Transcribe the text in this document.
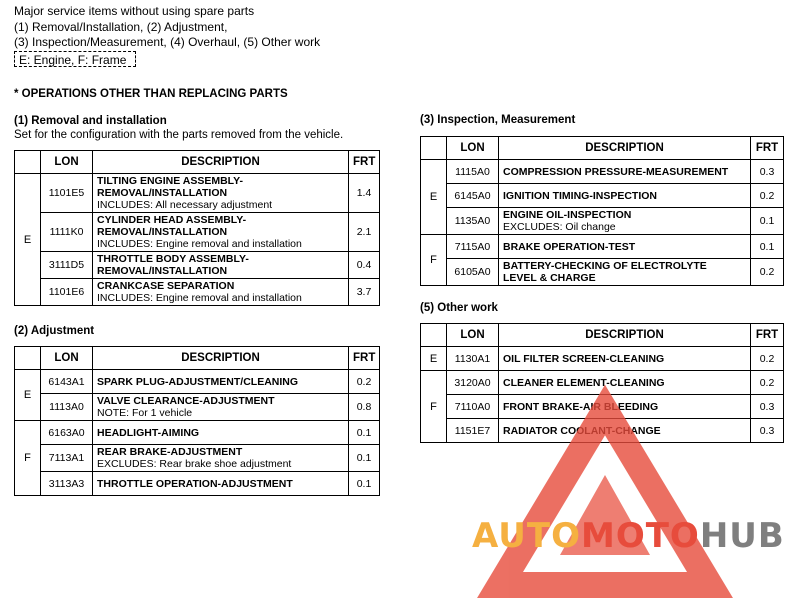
Major service items without using spare parts
(1) Removal/Installation, (2) Adjustment,
(3) Inspection/Measurement, (4) Overhaul, (5) Other work
E: Engine, F: Frame
* OPERATIONS OTHER THAN REPLACING PARTS
(1) Removal and installation
Set for the configuration with the parts removed from the vehicle.
	LON	DESCRIPTION	FRT
E	1101E5	TILTING ENGINE ASSEMBLY-
REMOVAL/INSTALLATION
INCLUDES: All necessary adjustment	1.4
	1111K0	CYLINDER HEAD ASSEMBLY-
REMOVAL/INSTALLATION
INCLUDES: Engine removal and installation	2.1
	3111D5	THROTTLE BODY ASSEMBLY-
REMOVAL/INSTALLATION	0.4
	1101E6	CRANKCASE SEPARATION
INCLUDES: Engine removal and installation	3.7
(2) Adjustment
	LON	DESCRIPTION	FRT
E	6143A1	SPARK PLUG-ADJUSTMENT/CLEANING	0.2
	1113A0	VALVE CLEARANCE-ADJUSTMENT
NOTE: For 1 vehicle	0.8
F	6163A0	HEADLIGHT-AIMING	0.1
	7113A1	REAR BRAKE-ADJUSTMENT
EXCLUDES: Rear brake shoe adjustment	0.1
	3113A3	THROTTLE OPERATION-ADJUSTMENT	0.1
(3) Inspection, Measurement
	LON	DESCRIPTION	FRT
E	1115A0	COMPRESSION PRESSURE-MEASUREMENT	0.3
	6145A0	IGNITION TIMING-INSPECTION	0.2
	1135A0	ENGINE OIL-INSPECTION
EXCLUDES: Oil change	0.1
F	7115A0	BRAKE OPERATION-TEST	0.1
	6105A0	BATTERY-CHECKING OF ELECTROLYTE
LEVEL & CHARGE	0.2
(5) Other work
	LON	DESCRIPTION	FRT
E	1130A1	OIL FILTER SCREEN-CLEANING	0.2
F	3120A0	CLEANER ELEMENT-CLEANING	0.2
	7110A0	FRONT BRAKE-AIR BLEEDING	0.3
	1151E7	RADIATOR COOLANT-CHANGE	0.3
AUTOMOTOHUB
